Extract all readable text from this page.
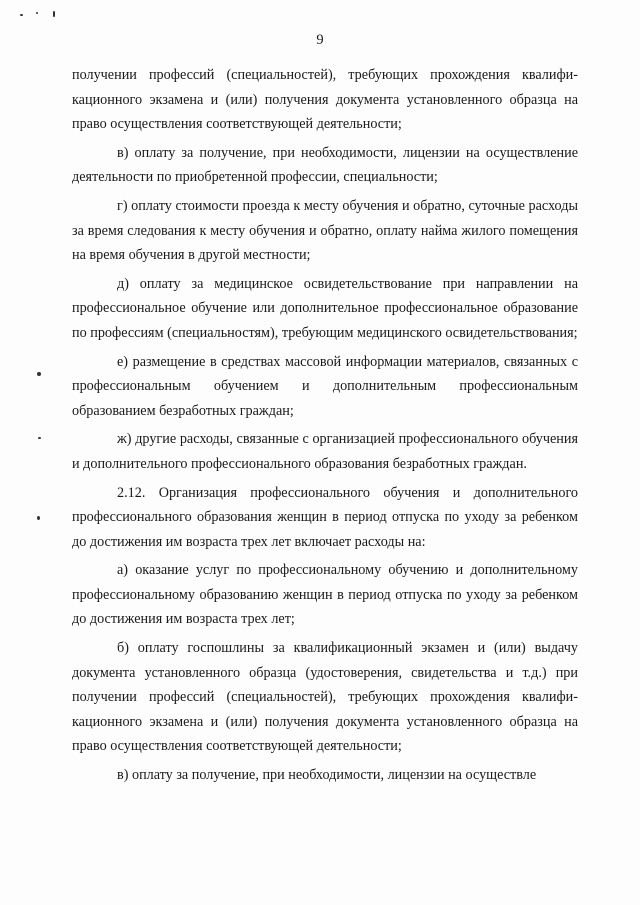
9

получении профессий (специальностей), требующих прохождения квалификационного экзамена и (или) получения документа установленного образца на право осуществления соответствующей деятельности;

в) оплату за получение, при необходимости, лицензии на осуществление деятельности по приобретенной профессии, специальности;

г) оплату стоимости проезда к месту обучения и обратно, суточные расходы за время следования к месту обучения и обратно, оплату найма жилого помещения на время обучения в другой местности;

д) оплату за медицинское освидетельствование при направлении на профессиональное обучение или дополнительное профессиональное образование по профессиям (специальностям), требующим медицинского освидетельствования;

е) размещение в средствах массовой информации материалов, связанных с профессиональным обучением и дополнительным профессиональным образованием безработных граждан;

ж) другие расходы, связанные с организацией профессионального обучения и дополнительного профессионального образования безработных граждан.

2.12. Организация профессионального обучения и дополнительного профессионального образования женщин в период отпуска по уходу за ребенком до достижения им возраста трех лет включает расходы на:

а) оказание услуг по профессиональному обучению и дополнительному профессиональному образованию женщин в период отпуска по уходу за ребенком до достижения им возраста трех лет;

б) оплату госпошлины за квалификационный экзамен и (или) выдачу документа установленного образца (удостоверения, свидетельства и т.д.) при получении профессий (специальностей), требующих прохождения квалификационного экзамена и (или) получения документа установленного образца на право осуществления соответствующей деятельности;

в) оплату за получение, при необходимости, лицензии на осуществле
